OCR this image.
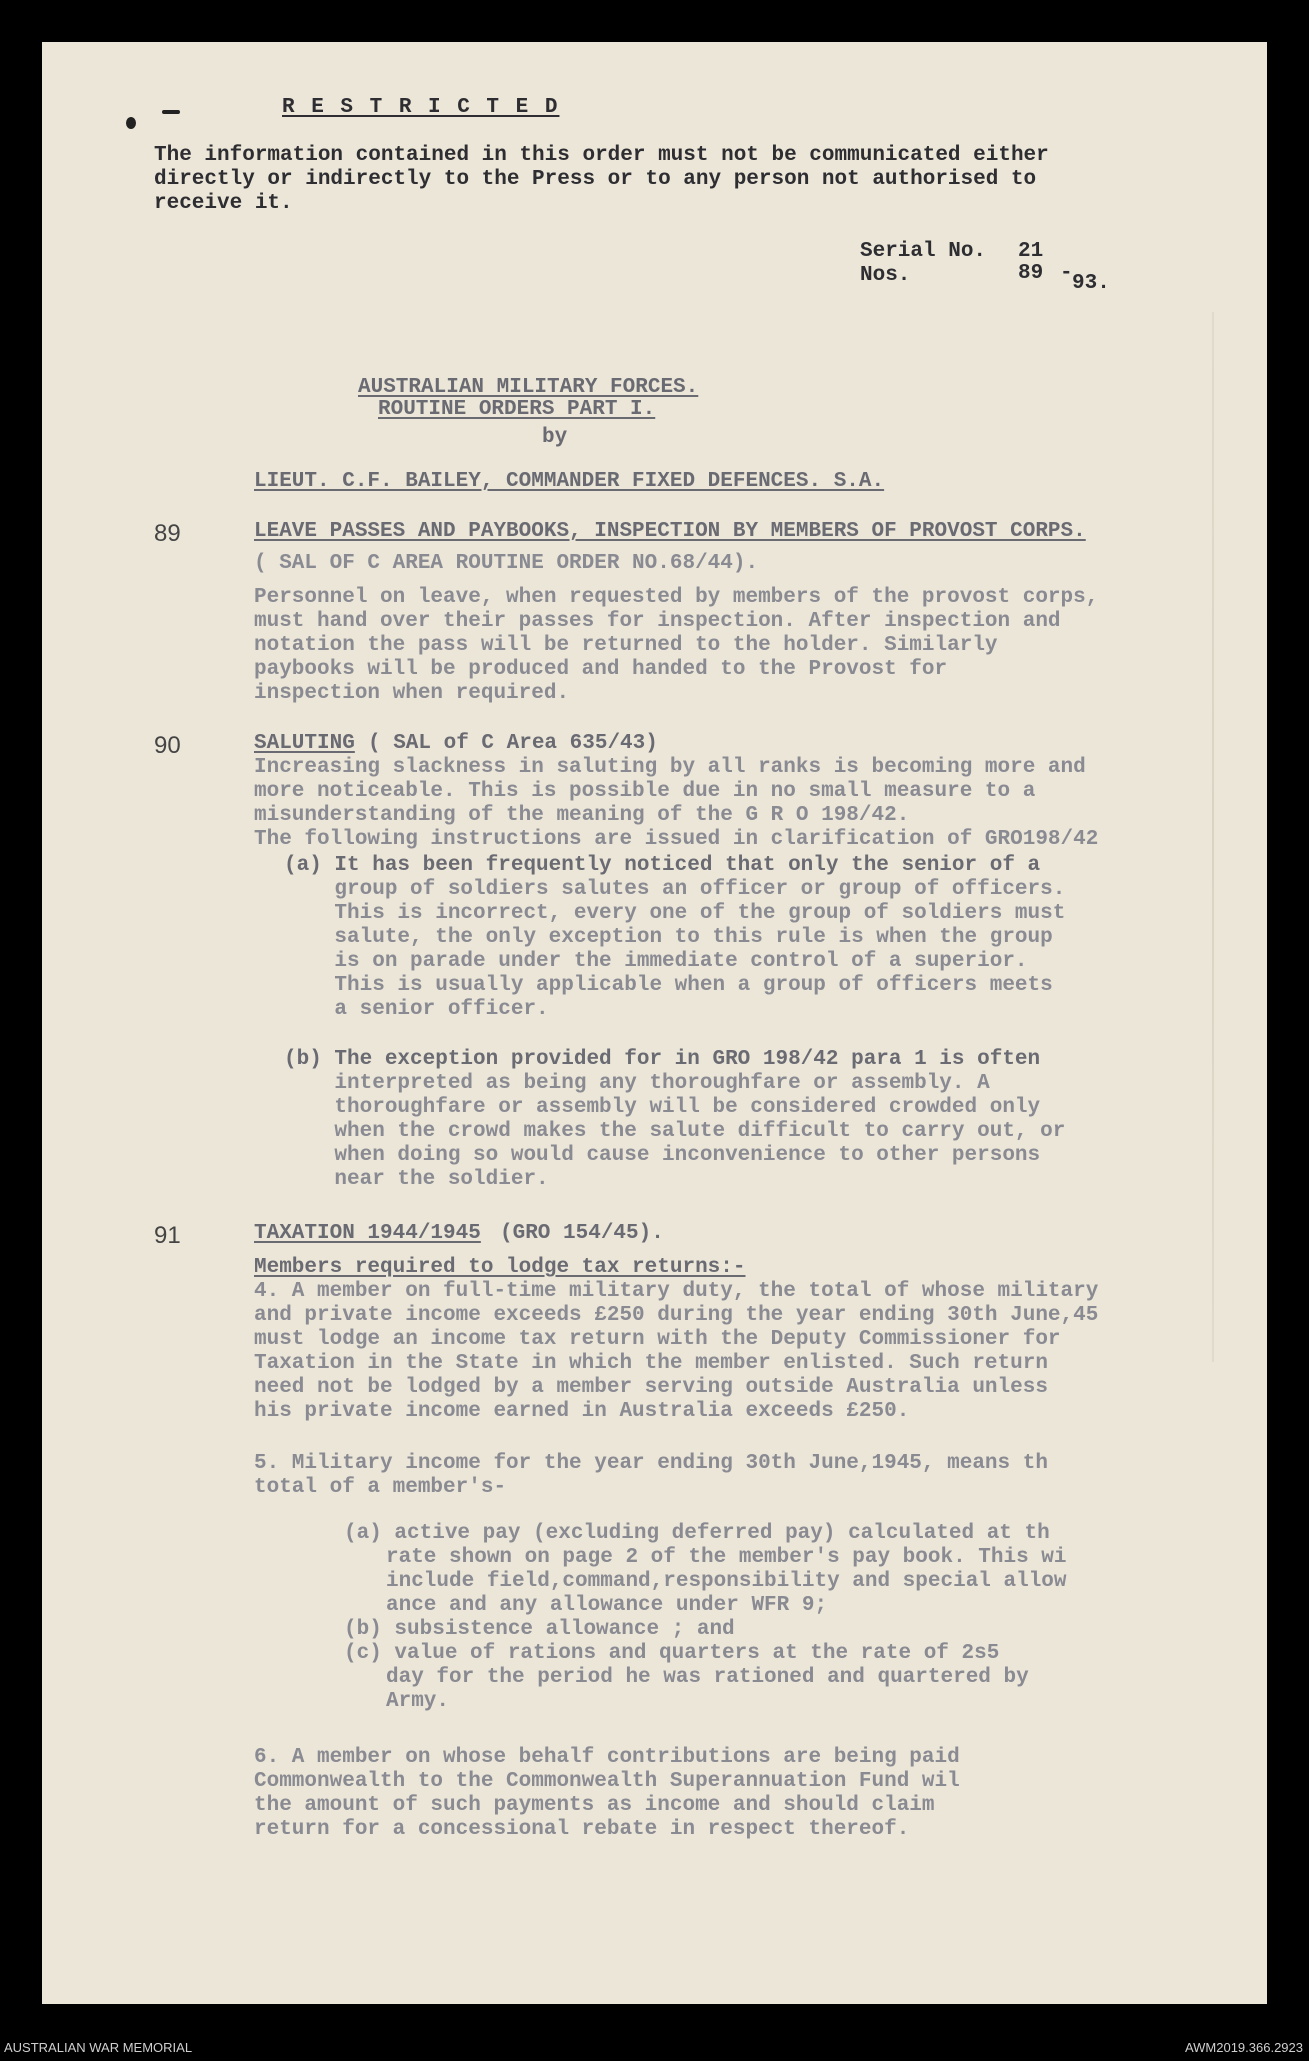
R E S T R I C T E D
The information contained in this order must not be communicated either
directly or indirectly to the Press or to any person not authorised to
receive it.
Serial No. 21
Nos.	89 - 93.
AUSTRALIAN MILITARY FORCES.
ROUTINE ORDERS PART I.
by
LIEUT. C.F. BAILEY, COMMANDER FIXED DEFENCES. S.A.
89	LEAVE PASSES AND PAYBOOKS, INSPECTION BY MEMBERS OF PROVOST CORPS.
( SAL OF C AREA ROUTINE ORDER NO.68/44).
Personnel on leave, when requested by members of the provost corps,
must hand over their passes for inspection. After inspection and
notation the pass will be returned to the holder. Similarly
paybooks will be produced and handed to the Provost for
inspection when required.
90	SALUTING ( SAL of C Area 635/43)
Increasing slackness in saluting by all ranks is becoming more and
more noticeable. This is possible due in no small measure to a
misunderstanding of the meaning of the G R O 198/42.
The following instructions are issued in clarification of GRO198/42
(a) It has been frequently noticed that only the senior of a
group of soldiers salutes an officer or group of officers.
This is incorrect, every one of the group of soldiers must
salute, the only exception to this rule is when the group
is on parade under the immediate control of a superior.
This is usually applicable when a group of officers meets
a senior officer.
(b) The exception provided for in GRO 198/42 para 1 is often
interpreted as being any thoroughfare or assembly. A
thoroughfare or assembly will be considered crowded only
when the crowd makes the salute difficult to carry out, or
when doing so would cause inconvenience to other persons
near the soldier.
91	TAXATION 1944/1945 (GRO 154/45).
Members required to lodge tax returns:-
4. A member on full-time military duty, the total of whose military
and private income exceeds £250 during the year ending 30th June,45
must lodge an income tax return with the Deputy Commissioner for
Taxation in the State in which the member enlisted. Such return
need not be lodged by a member serving outside Australia unless
his private income earned in Australia exceeds £250.
5. Military income for the year ending 30th June,1945, means th
total of a member's-
(a) active pay (excluding deferred pay) calculated at th
rate shown on page 2 of the member's pay book. This wi
include field,command,responsibility and special allow
ance and any allowance under WFR 9;
(b) subsistence allowance ; and
(c) value of rations and quarters at the rate of 2s5
day for the period he was rationed and quartered by
Army.
6. A member on whose behalf contributions are being paid
Commonwealth to the Commonwealth Superannuation Fund wil
the amount of such payments as income and should claim
return for a concessional rebate in respect thereof.
AUSTRALIAN WAR MEMORIAL	AWM2019.366.2923
